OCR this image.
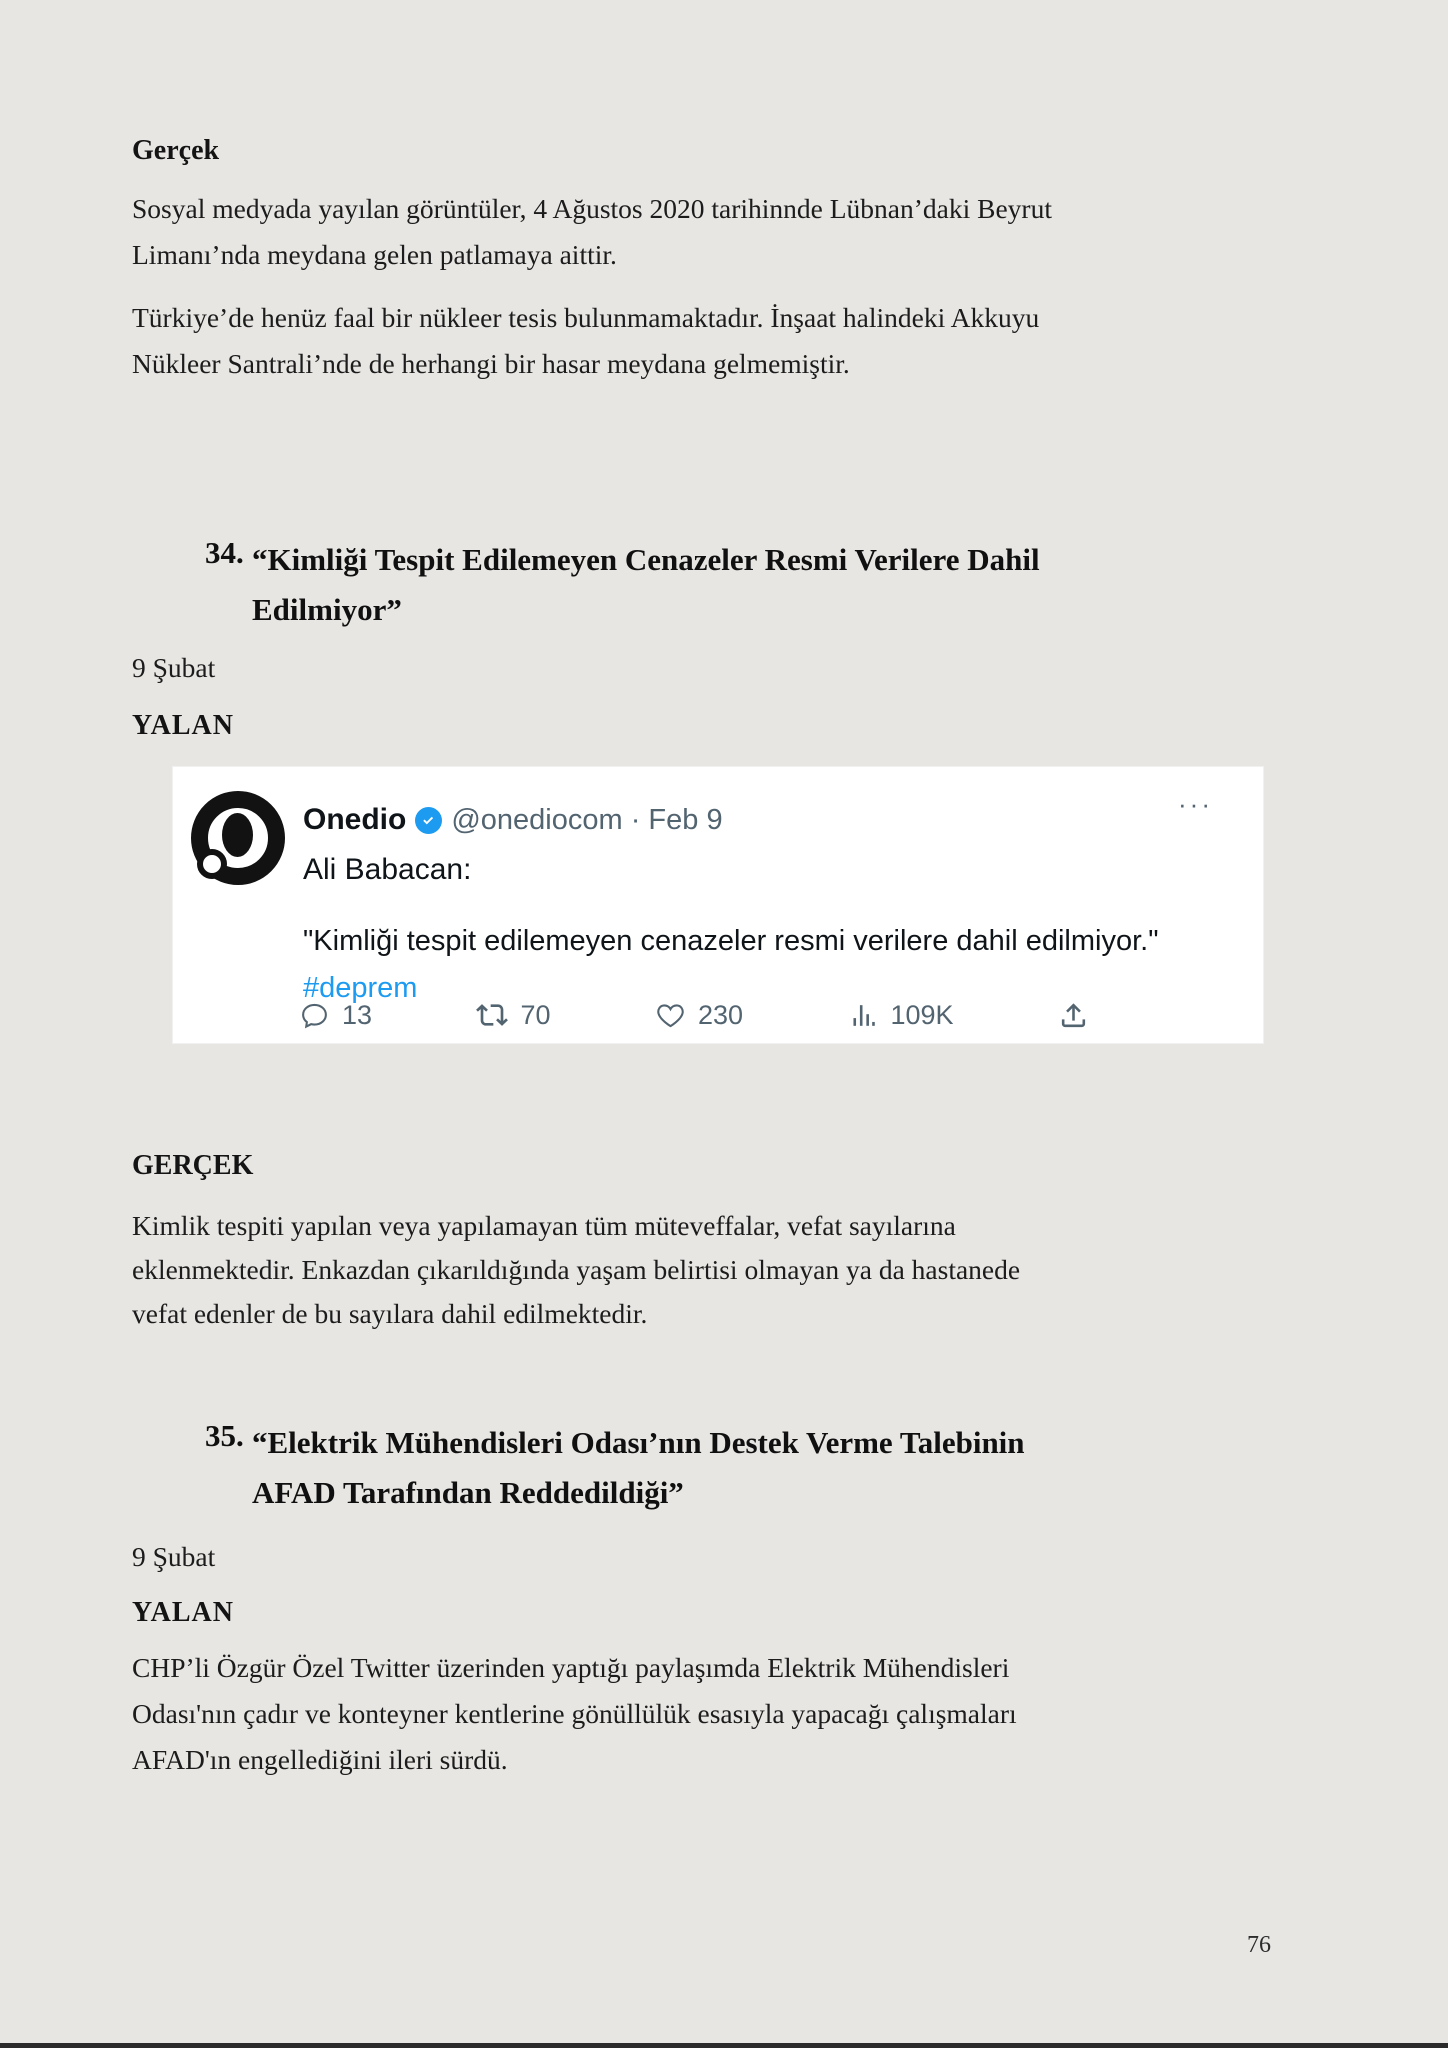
Gerçek
Sosyal medyada yayılan görüntüler, 4 Ağustos 2020 tarihinnde Lübnan’daki Beyrut
Limanı’nda meydana gelen patlamaya aittir.
Türkiye’de henüz faal bir nükleer tesis bulunmamaktadır. İnşaat halindeki Akkuyu
Nükleer Santrali’nde de herhangi bir hasar meydana gelmemiştir.
34. “Kimliği Tespit Edilemeyen Cenazeler Resmi Verilere Dahil
Edilmiyor”
9 Şubat
YALAN
Onedio @onediocom · Feb 9	···
Ali Babacan:
"Kimliği tespit edilemeyen cenazeler resmi verilere dahil edilmiyor."
#deprem
13	70	230	109K
GERÇEK
Kimlik tespiti yapılan veya yapılamayan tüm müteveffalar, vefat sayılarına
eklenmektedir. Enkazdan çıkarıldığında yaşam belirtisi olmayan ya da hastanede
vefat edenler de bu sayılara dahil edilmektedir.
35. “Elektrik Mühendisleri Odası’nın Destek Verme Talebinin
AFAD Tarafından Reddedildiği”
9 Şubat
YALAN
CHP’li Özgür Özel Twitter üzerinden yaptığı paylaşımda Elektrik Mühendisleri
Odası'nın çadır ve konteyner kentlerine gönüllülük esasıyla yapacağı çalışmaları
AFAD'ın engellediğini ileri sürdü.
76
